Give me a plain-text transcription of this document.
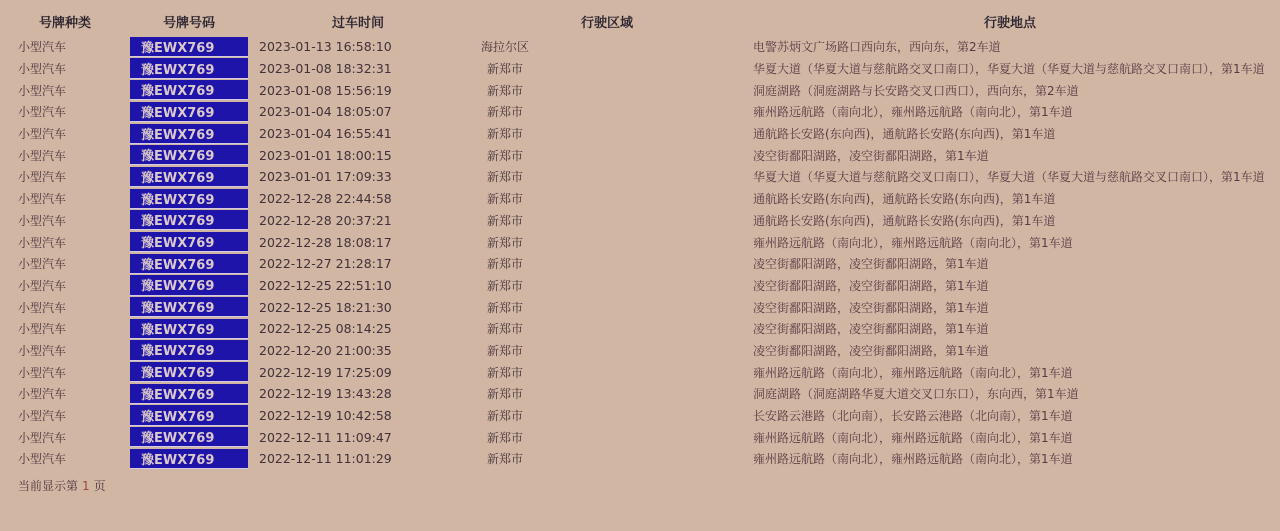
号牌种类	号牌号码	过车时间	行驶区域	行驶地点
小型汽车	豫EWX769	2023-01-13 16:58:10	海拉尔区	电警苏炳文广场路口西向东，西向东，第2车道
小型汽车	豫EWX769	2023-01-08 18:32:31	新郑市	华夏大道（华夏大道与慈航路交叉口南口），华夏大道（华夏大道与慈航路交叉口南口），第1车道
小型汽车	豫EWX769	2023-01-08 15:56:19	新郑市	洞庭湖路（洞庭湖路与长安路交叉口西口），西向东，第2车道
小型汽车	豫EWX769	2023-01-04 18:05:07	新郑市	雍州路远航路（南向北），雍州路远航路（南向北），第1车道
小型汽车	豫EWX769	2023-01-04 16:55:41	新郑市	通航路长安路(东向西)，通航路长安路(东向西)，第1车道
小型汽车	豫EWX769	2023-01-01 18:00:15	新郑市	凌空街鄱阳湖路，凌空街鄱阳湖路，第1车道
小型汽车	豫EWX769	2023-01-01 17:09:33	新郑市	华夏大道（华夏大道与慈航路交叉口南口），华夏大道（华夏大道与慈航路交叉口南口），第1车道
小型汽车	豫EWX769	2022-12-28 22:44:58	新郑市	通航路长安路(东向西)，通航路长安路(东向西)，第1车道
小型汽车	豫EWX769	2022-12-28 20:37:21	新郑市	通航路长安路(东向西)，通航路长安路(东向西)，第1车道
小型汽车	豫EWX769	2022-12-28 18:08:17	新郑市	雍州路远航路（南向北），雍州路远航路（南向北），第1车道
小型汽车	豫EWX769	2022-12-27 21:28:17	新郑市	凌空街鄱阳湖路，凌空街鄱阳湖路，第1车道
小型汽车	豫EWX769	2022-12-25 22:51:10	新郑市	凌空街鄱阳湖路，凌空街鄱阳湖路，第1车道
小型汽车	豫EWX769	2022-12-25 18:21:30	新郑市	凌空街鄱阳湖路，凌空街鄱阳湖路，第1车道
小型汽车	豫EWX769	2022-12-25 08:14:25	新郑市	凌空街鄱阳湖路，凌空街鄱阳湖路，第1车道
小型汽车	豫EWX769	2022-12-20 21:00:35	新郑市	凌空街鄱阳湖路，凌空街鄱阳湖路，第1车道
小型汽车	豫EWX769	2022-12-19 17:25:09	新郑市	雍州路远航路（南向北），雍州路远航路（南向北），第1车道
小型汽车	豫EWX769	2022-12-19 13:43:28	新郑市	洞庭湖路（洞庭湖路华夏大道交叉口东口），东向西，第1车道
小型汽车	豫EWX769	2022-12-19 10:42:58	新郑市	长安路云港路（北向南），长安路云港路（北向南），第1车道
小型汽车	豫EWX769	2022-12-11 11:09:47	新郑市	雍州路远航路（南向北），雍州路远航路（南向北），第1车道
小型汽车	豫EWX769	2022-12-11 11:01:29	新郑市	雍州路远航路（南向北），雍州路远航路（南向北），第1车道
当前显示第 1 页
